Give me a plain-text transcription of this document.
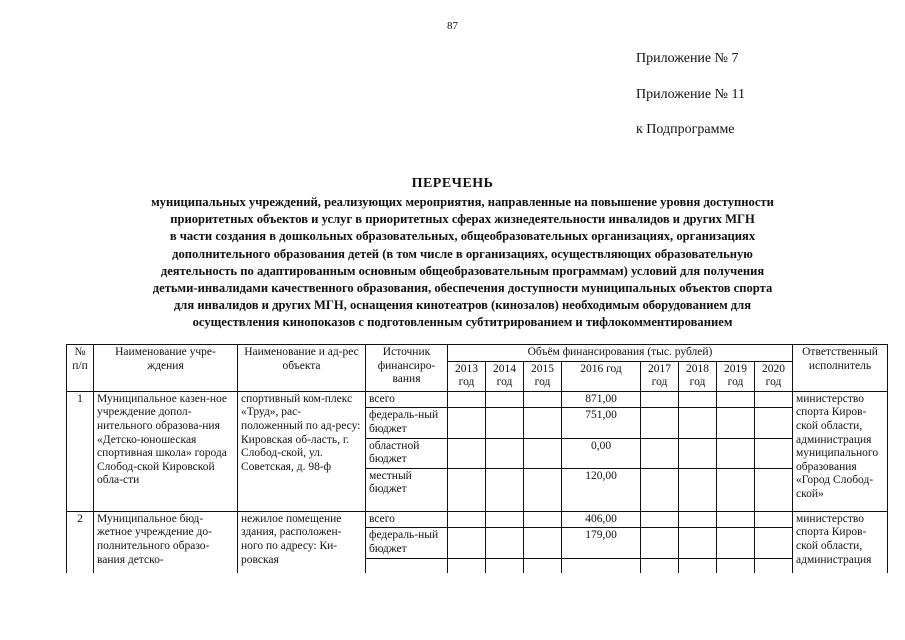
87
Приложение № 7
Приложение № 11
к Подпрограмме
ПЕРЕЧЕНЬ
муниципальных учреждений, реализующих мероприятия, направленные на повышение уровня доступности
приоритетных объектов и услуг в приоритетных сферах жизнедеятельности инвалидов и других МГН
в части создания в дошкольных образовательных, общеобразовательных организациях, организациях
дополнительного образования детей (в том числе в организациях, осуществляющих образовательную
деятельность по адаптированным основным общеобразовательным программам) условий для получения
детьми-инвалидами качественного образования, обеспечения доступности муниципальных объектов спорта
для инвалидов и других МГН, оснащения кинотеатров (кинозалов) необходимым оборудованием для
осуществления кинопоказов с подготовленным субтитрированием и тифлокомментированием
№ п/п	Наименование учре-ждения	Наименование и ад-рес объекта	Источник финансиро-вания	Объём финансирования (тыс. рублей)								Ответственный исполнитель
				2013 год	2014 год	2015 год	2016 год	2017 год	2018 год	2019 год	2020 год	
1	Муниципальное казен-ное учреждение допол-нительного образова-ния «Детско-юношеская спортивная школа» города Слобод-ской Кировской обла-сти	спортивный ком-плекс «Труд», рас-положенный по ад-ресу: Кировская об-ласть, г. Слобод-ской, ул. Советская, д. 98-ф	всего				871,00					министерство спорта Киров-ской области, администрация муниципального образования «Город Слобод-ской»
			федераль-ный бюджет				751,00					
			областной бюджет				0,00					
			местный бюджет				120,00					
2	Муниципальное бюд-жетное учреждение до-полнительного образо-вания детско-	нежилое помещение здания, расположен-ного по адресу: Ки-ровская	всего				406,00					министерство спорта Киров-ской области, администрация
			федераль-ный бюджет				179,00					
